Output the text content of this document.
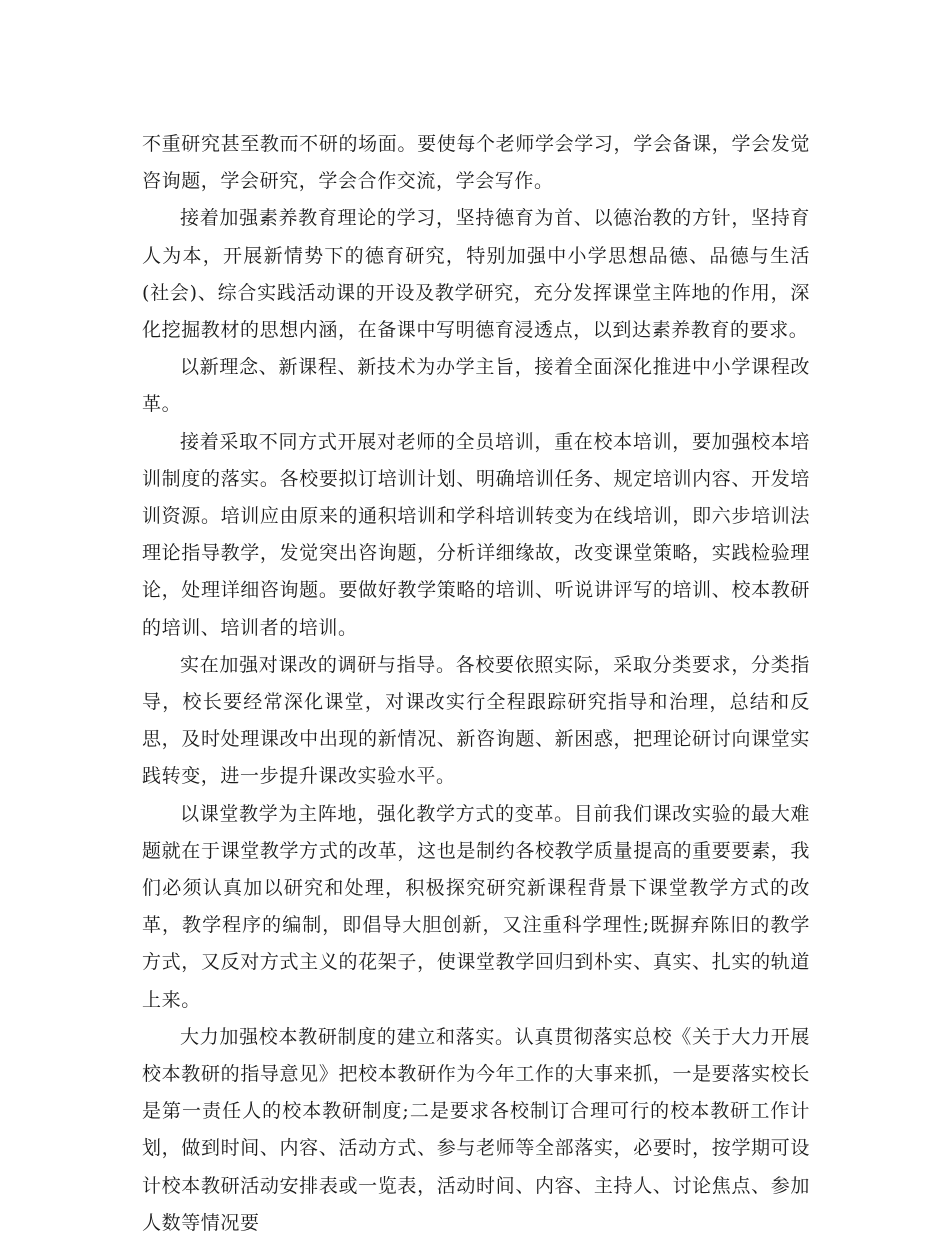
不重研究甚至教而不研的场面。要使每个老师学会学习，学会备课，学会发觉咨询题，学会研究，学会合作交流，学会写作。

接着加强素养教育理论的学习，坚持德育为首、以德治教的方针，坚持育人为本，开展新情势下的德育研究，特别加强中小学思想品德、品德与生活(社会)、综合实践活动课的开设及教学研究，充分发挥课堂主阵地的作用，深化挖掘教材的思想内涵，在备课中写明德育浸透点，以到达素养教育的要求。

以新理念、新课程、新技术为办学主旨，接着全面深化推进中小学课程改革。

接着采取不同方式开展对老师的全员培训，重在校本培训，要加强校本培训制度的落实。各校要拟订培训计划、明确培训任务、规定培训内容、开发培训资源。培训应由原来的通积培训和学科培训转变为在线培训，即六步培训法理论指导教学，发觉突出咨询题，分析详细缘故，改变课堂策略，实践检验理论，处理详细咨询题。要做好教学策略的培训、听说讲评写的培训、校本教研的培训、培训者的培训。

实在加强对课改的调研与指导。各校要依照实际，采取分类要求，分类指导，校长要经常深化课堂，对课改实行全程跟踪研究指导和治理，总结和反思，及时处理课改中出现的新情况、新咨询题、新困惑，把理论研讨向课堂实践转变，进一步提升课改实验水平。

以课堂教学为主阵地，强化教学方式的变革。目前我们课改实验的最大难题就在于课堂教学方式的改革，这也是制约各校教学质量提高的重要要素，我们必须认真加以研究和处理，积极探究研究新课程背景下课堂教学方式的改革，教学程序的编制，即倡导大胆创新，又注重科学理性;既摒弃陈旧的教学方式，又反对方式主义的花架子，使课堂教学回归到朴实、真实、扎实的轨道上来。

大力加强校本教研制度的建立和落实。认真贯彻落实总校《关于大力开展校本教研的指导意见》把校本教研作为今年工作的大事来抓，一是要落实校长是第一责任人的校本教研制度;二是要求各校制订合理可行的校本教研工作计划，做到时间、内容、活动方式、参与老师等全部落实，必要时，按学期可设计校本教研活动安排表或一览表，活动时间、内容、主持人、讨论焦点、参加人数等情况要
